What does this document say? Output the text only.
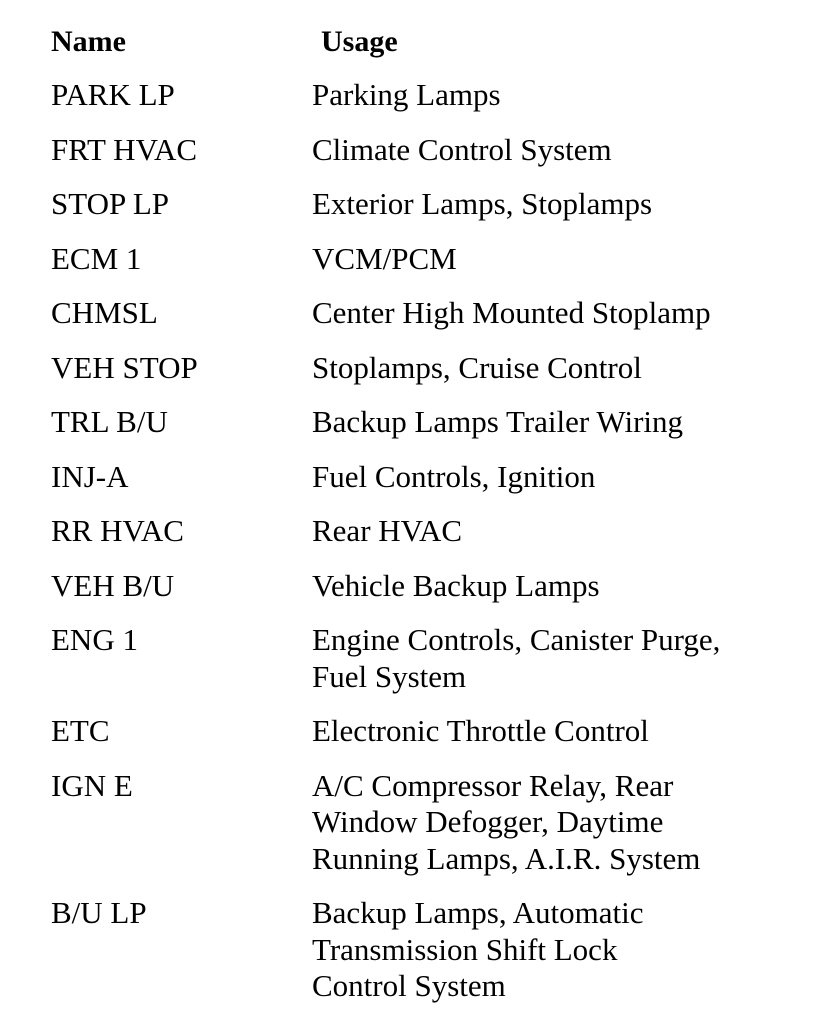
Name	Usage
PARK LP	Parking Lamps
FRT HVAC	Climate Control System
STOP LP	Exterior Lamps, Stoplamps
ECM 1	VCM/PCM
CHMSL	Center High Mounted Stoplamp
VEH STOP	Stoplamps, Cruise Control
TRL B/U	Backup Lamps Trailer Wiring
INJ-A	Fuel Controls, Ignition
RR HVAC	Rear HVAC
VEH B/U	Vehicle Backup Lamps
ENG 1	Engine Controls, Canister Purge,
Fuel System
ETC	Electronic Throttle Control
IGN E	A/C Compressor Relay, Rear
Window Defogger, Daytime
Running Lamps, A.I.R. System
B/U LP	Backup Lamps, Automatic
Transmission Shift Lock
Control System
